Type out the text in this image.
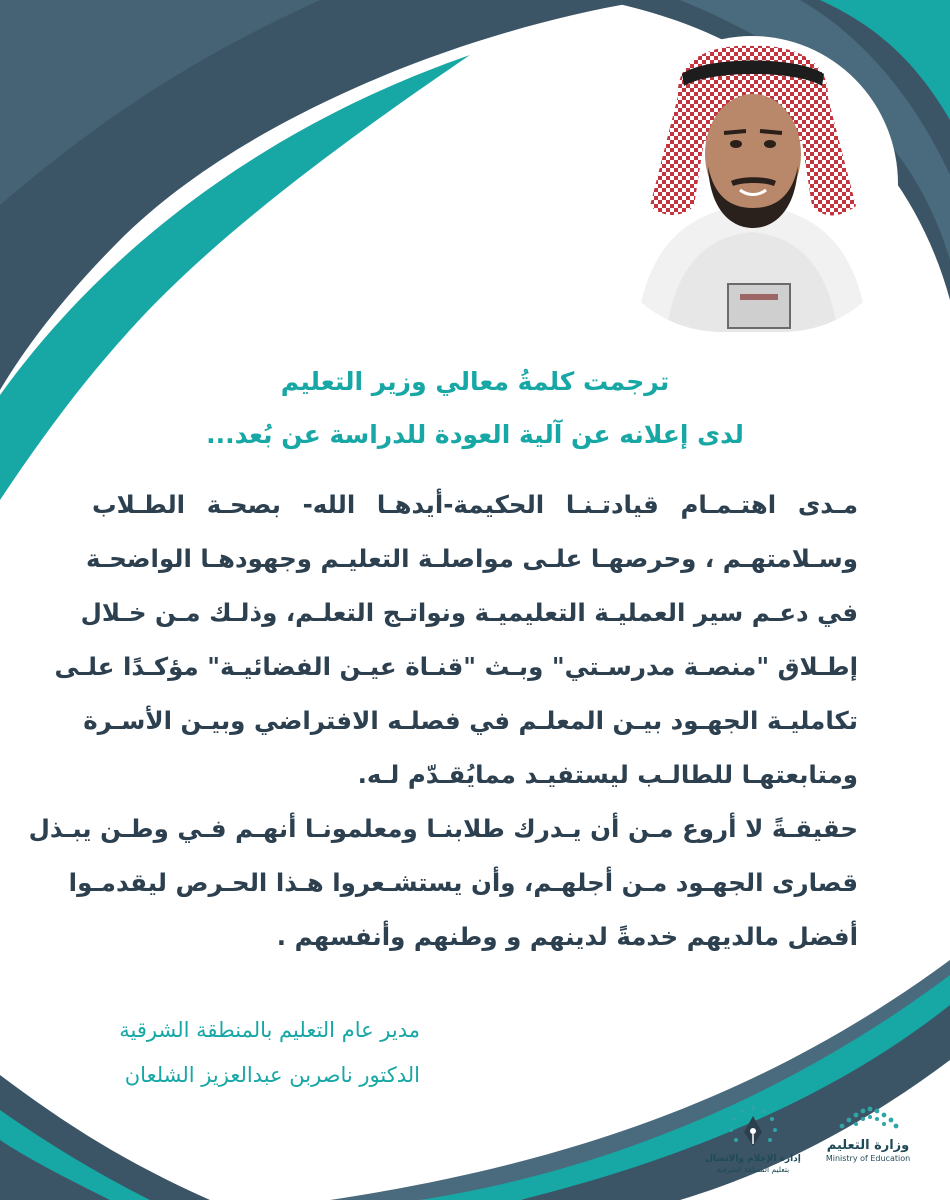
ترجمت كلمةُ معالي وزير التعليم
لدى إعلانه عن آلية العودة للدراسة عن بُعد...
مـدى اهتـمـام قيادتـنـا الحكيمة-أيدهـا الله- بصحـة الطـلاب
وسـلامتهـم ، وحرصهـا علـى مواصلـة التعليـم وجهودهـا الواضحـة
في دعـم سير العمليـة التعليميـة ونواتـج التعلـم، وذلـك مـن خـلال
إطـلاق "منصـة مدرسـتي" وبـث "قنـاة عيـن الفضائيـة" مؤكـدًا علـى
تكامليـة الجهـود بيـن المعلـم في فصلـه الافتراضي وبيـن الأسـرة
ومتابعتهـا للطالـب ليستفيـد ممايُقـدّم لـه.
حقيقـةً لا أروع مـن أن يـدرك طلابنـا ومعلمونـا أنهـم فـي وطـن يبـذل
قصارى الجهـود مـن أجلهـم، وأن يستشـعروا هـذا الحـرص ليقدمـوا
أفضل مالديهم خدمةً لدينهم و وطنهم وأنفسهم .
مدير عام التعليم بالمنطقة الشرقية
الدكتور ناصربن عبدالعزيز الشلعان
وزارة التعليم
Ministry of Education
إدارة الإعلام والاتصال
بتعليم المنطقة الشرقية
